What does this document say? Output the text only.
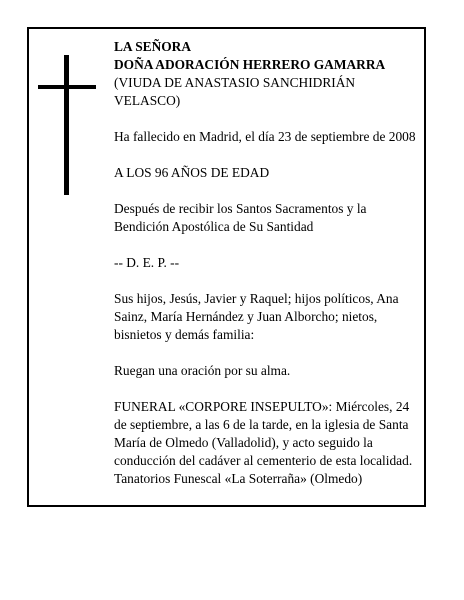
LA SEÑORA

DOÑA ADORACIÓN HERRERO GAMARRA

(VIUDA DE ANASTASIO SANCHIDRIÁN

VELASCO)

Ha fallecido en Madrid, el día 23 de septiembre de 2008

A LOS 96 AÑOS DE EDAD

Después de recibir los Santos Sacramentos y la

Bendición Apostólica de Su Santidad

-- D. E. P. --

Sus hijos, Jesús, Javier y Raquel; hijos políticos, Ana

Sainz, María Hernández y Juan Alborcho; nietos,

bisnietos y demás familia:

Ruegan una oración por su alma.

FUNERAL «CORPORE INSEPULTO»: Miércoles, 24

de septiembre, a las 6 de la tarde, en la iglesia de Santa

María de Olmedo (Valladolid), y acto seguido la

conducción del cadáver al cementerio de esta localidad.

Tanatorios Funescal «La Soterraña» (Olmedo)
